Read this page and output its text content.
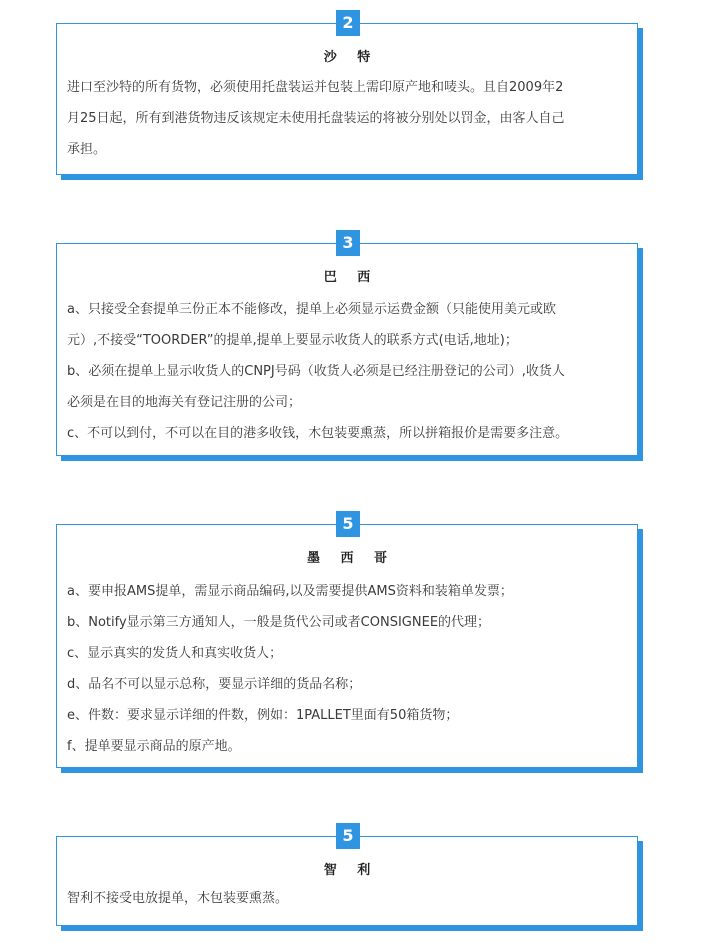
2
沙 特

进口至沙特的所有货物，必须使用托盘装运并包装上需印原产地和唛头。且自2009年2

月25日起，所有到港货物违反该规定未使用托盘装运的将被分别处以罚金，由客人自己

承担。

3
巴 西

a、只接受全套提单三份正本不能修改，提单上必须显示运费金额（只能使用美元或欧

元）,不接受“TOORDER”的提单,提单上要显示收货人的联系方式(电话,地址)；

b、必须在提单上显示收货人的CNPJ号码（收货人必须是已经注册登记的公司）,收货人

必须是在目的地海关有登记注册的公司；

c、不可以到付，不可以在目的港多收钱，木包装要熏蒸，所以拼箱报价是需要多注意。

5
墨 西 哥

a、要申报AMS提单，需显示商品编码,以及需要提供AMS资料和装箱单发票；

b、Notify显示第三方通知人，一般是货代公司或者CONSIGNEE的代理；

c、显示真实的发货人和真实收货人；

d、品名不可以显示总称，要显示详细的货品名称；

e、件数：要求显示详细的件数，例如：1PALLET里面有50箱货物；

f、提单要显示商品的原产地。

5
智 利

智利不接受电放提单，木包装要熏蒸。
